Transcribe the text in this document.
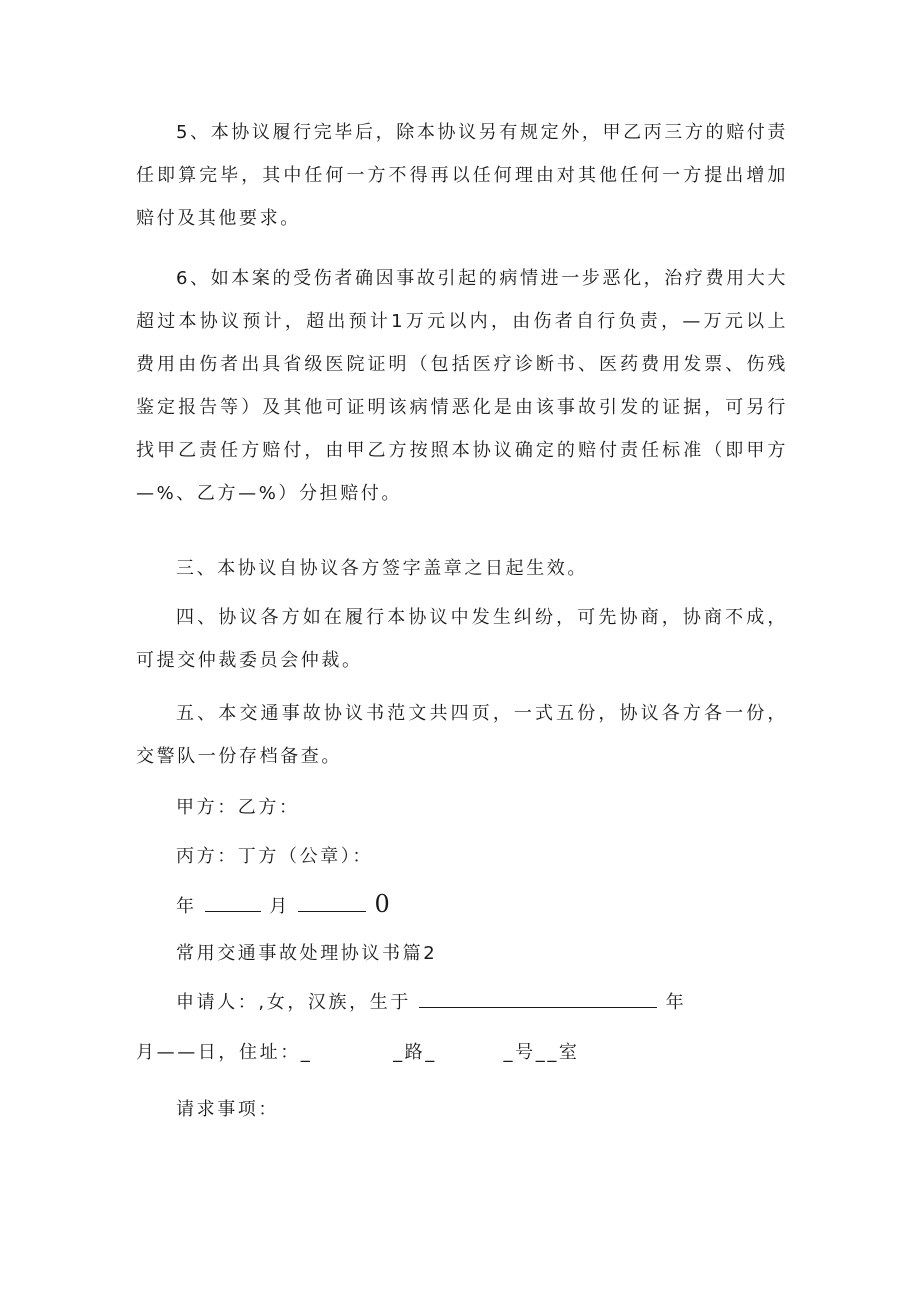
5、本协议履行完毕后，除本协议另有规定外，甲乙丙三方的赔付责任即算完毕，其中任何一方不得再以任何理由对其他任何一方提出增加赔付及其他要求。

6、如本案的受伤者确因事故引起的病情进一步恶化，治疗费用大大超过本协议预计，超出预计1万元以内，由伤者自行负责，—万元以上费用由伤者出具省级医院证明（包括医疗诊断书、医药费用发票、伤残鉴定报告等）及其他可证明该病情恶化是由该事故引发的证据，可另行找甲乙责任方赔付，由甲乙方按照本协议确定的赔付责任标准（即甲方—%、乙方—%）分担赔付。

三、本协议自协议各方签字盖章之日起生效。

四、协议各方如在履行本协议中发生纠纷，可先协商，协商不成，可提交仲裁委员会仲裁。

五、本交通事故协议书范文共四页，一式五份，协议各方各一份，交警队一份存档备查。

甲方：乙方：

丙方：丁方（公章）：

年	月	0

常用交通事故处理协议书篇2

申请人：,女，汉族，生于	年

月——日，住址：_	_路_	_号__室

请求事项：
